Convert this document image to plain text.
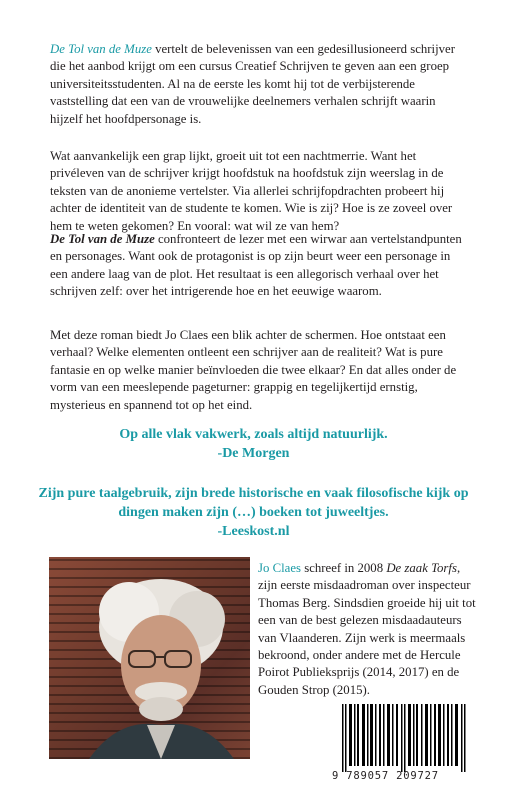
De Tol van de Muze vertelt de belevenissen van een gedesillusioneerd schrijver die het aanbod krijgt om een cursus Creatief Schrijven te geven aan een groep universiteitsstudenten. Al na de eerste les komt hij tot de verbijsterende vaststelling dat een van de vrouwelijke deelnemers verhalen schrijft waarin hijzelf het hoofdpersonage is.

Wat aanvankelijk een grap lijkt, groeit uit tot een nachtmerrie. Want het privéleven van de schrijver krijgt hoofdstuk na hoofdstuk zijn weerslag in de teksten van de anonieme vertelster. Via allerlei schrijfopdrachten probeert hij achter de identiteit van de studente te komen. Wie is zij? Hoe is ze zoveel over hem te weten gekomen? En vooral: wat wil ze van hem?

De Tol van de Muze confronteert de lezer met een wirwar aan vertelstandpunten en personages. Want ook de protagonist is op zijn beurt weer een personage in een andere laag van de plot. Het resultaat is een allegorisch verhaal over het schrijven zelf: over het intrigerende hoe en het eeuwige waarom.

Met deze roman biedt Jo Claes een blik achter de schermen. Hoe ontstaat een verhaal? Welke elementen ontleent een schrijver aan de realiteit? Wat is pure fantasie en op welke manier beïnvloeden die twee elkaar? En dat alles onder de vorm van een meeslepende pageturner: grappig en tegelijkertijd ernstig, mysterieus en spannend tot op het eind.

Op alle vlak vakwerk, zoals altijd natuurlijk.
-De Morgen
Zijn pure taalgebruik, zijn brede historische en vaak filosofische kijk op dingen maken zijn (…) boeken tot juweeltjes.
-Leeskost.nl

Jo Claes schreef in 2008 De zaak Torfs, zijn eerste misdaadroman over inspecteur Thomas Berg. Sindsdien groeide hij uit tot een van de best gelezen misdaadauteurs van Vlaanderen. Zijn werk is meermaals bekroond, onder andere met de Hercule Poirot Publieksprijs (2014, 2017) en de Gouden Strop (2015).

9 789057 209727
